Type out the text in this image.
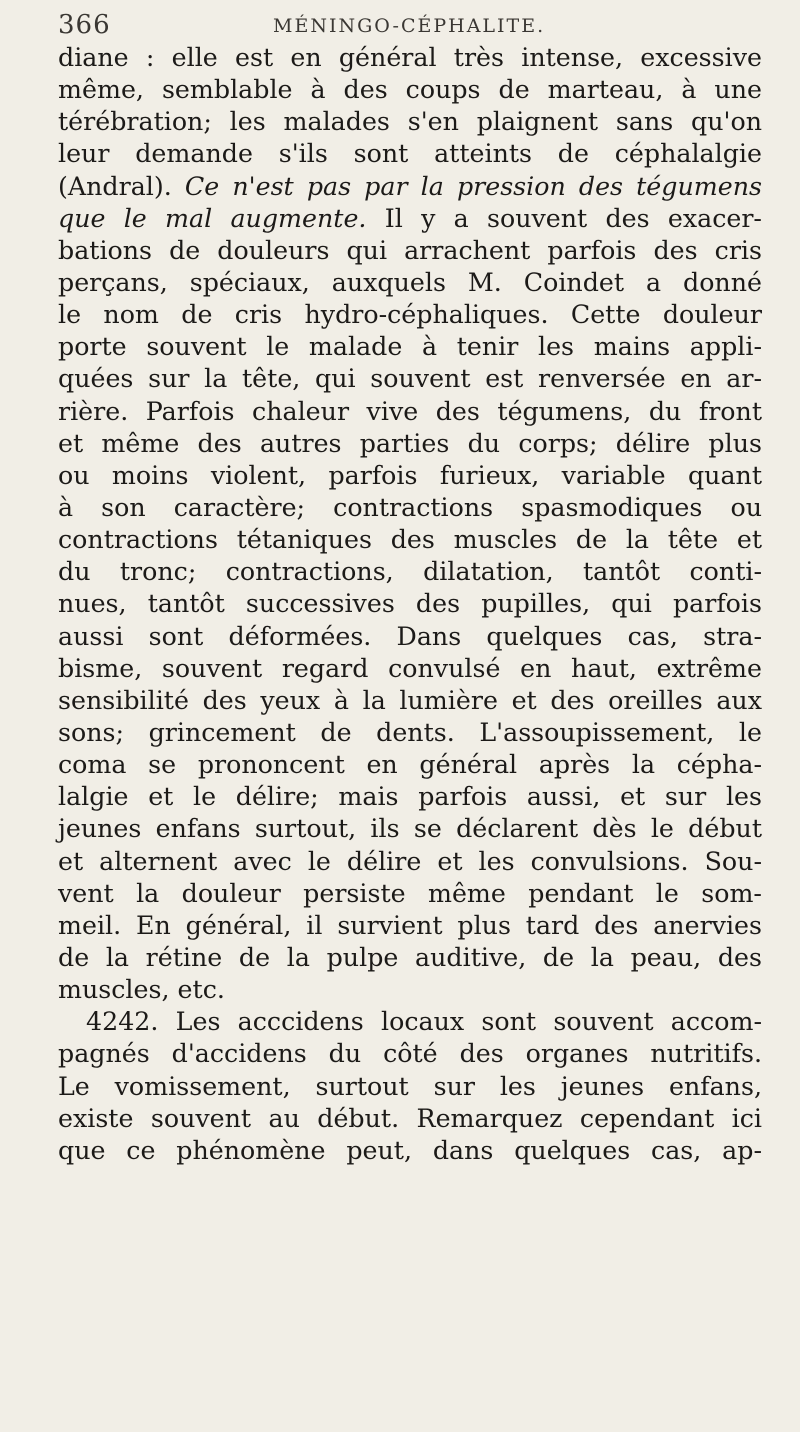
366	MÉNINGO-CÉPHALITE.
diane : elle est en général très intense, excessive
même, semblable à des coups de marteau, à une
térébration; les malades s'en plaignent sans qu'on
leur demande s'ils sont atteints de céphalalgie
(Andral). Ce n'est pas par la pression des tégumens
que le mal augmente. Il y a souvent des exacer-
bations de douleurs qui arrachent parfois des cris
perçans, spéciaux, auxquels M. Coindet a donné
le nom de cris hydro-céphaliques. Cette douleur
porte souvent le malade à tenir les mains appli-
quées sur la tête, qui souvent est renversée en ar-
rière. Parfois chaleur vive des tégumens, du front
et même des autres parties du corps; délire plus
ou moins violent, parfois furieux, variable quant
à son caractère; contractions spasmodiques ou
contractions tétaniques des muscles de la tête et
du tronc; contractions, dilatation, tantôt conti-
nues, tantôt successives des pupilles, qui parfois
aussi sont déformées. Dans quelques cas, stra-
bisme, souvent regard convulsé en haut, extrême
sensibilité des yeux à la lumière et des oreilles aux
sons; grincement de dents. L'assoupissement, le
coma se prononcent en général après la cépha-
lalgie et le délire; mais parfois aussi, et sur les
jeunes enfans surtout, ils se déclarent dès le début
et alternent avec le délire et les convulsions. Sou-
vent la douleur persiste même pendant le som-
meil. En général, il survient plus tard des anervies
de la rétine de la pulpe auditive, de la peau, des
muscles, etc.
4242. Les acccidens locaux sont souvent accom-
pagnés d'accidens du côté des organes nutritifs.
Le vomissement, surtout sur les jeunes enfans,
existe souvent au début. Remarquez cependant ici
que ce phénomène peut, dans quelques cas, ap-
